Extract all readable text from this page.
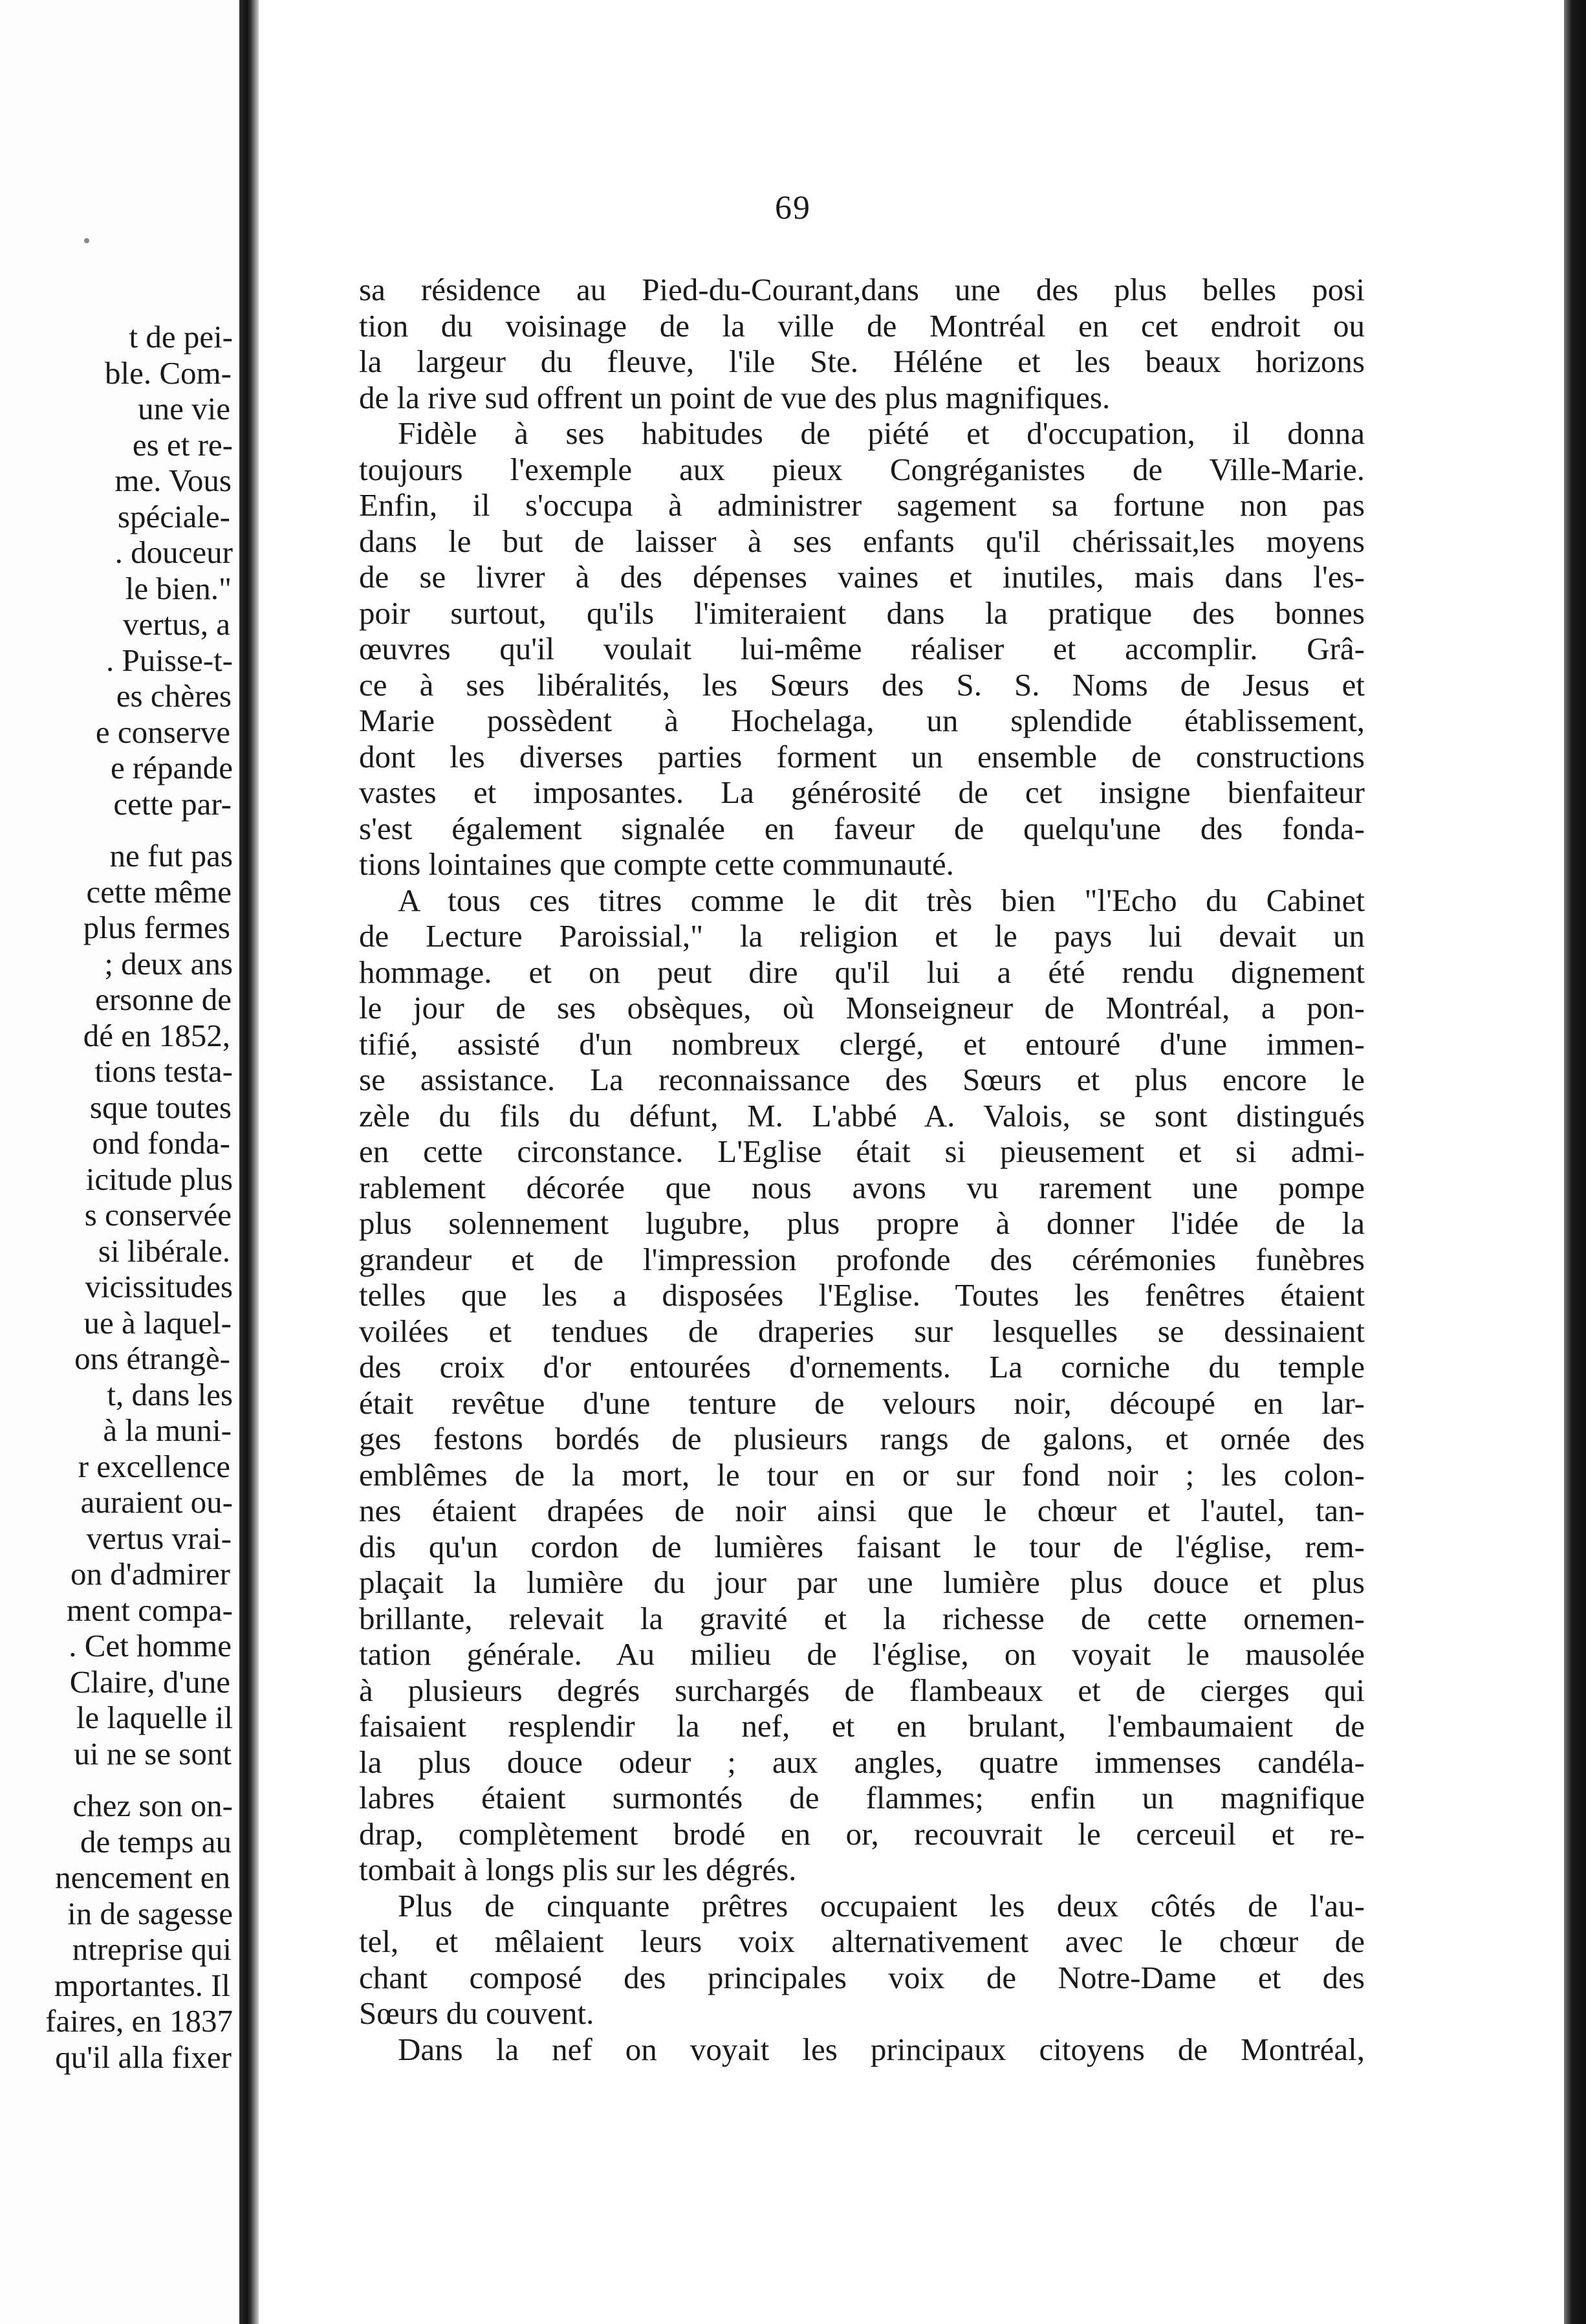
t de pei-
ble. Com-
une vie
es et re-
me. Vous
spéciale-
. douceur
le bien."
vertus, a
. Puisse-t-
es chères
e conserve
e répande
cette par-
ne fut pas
cette même
plus fermes
; deux ans
ersonne de
dé en 1852,
tions testa-
sque toutes
ond fonda-
icitude plus
s conservée
si libérale.
vicissitudes
ue à laquel-
ons étrangè-
t, dans les
à la muni-
r excellence
auraient ou-
vertus vrai-
on d'admirer
ment compa-
. Cet homme
Claire, d'une
le laquelle il
ui ne se sont
chez son on-
de temps au
nencement en
in de sagesse
ntreprise qui
mportantes. Il
faires, en 1837
qu'il alla fixer
69
sa résidence au Pied-du-Courant,dans une des plus belles posi
tion du voisinage de la ville de Montréal en cet endroit ou
la largeur du fleuve, l'ile Ste. Héléne et les beaux horizons
de la rive sud offrent un point de vue des plus magnifiques.
Fidèle à ses habitudes de piété et d'occupation, il donna
toujours l'exemple aux pieux Congréganistes de Ville-Marie.
Enfin, il s'occupa à administrer sagement sa fortune non pas
dans le but de laisser à ses enfants qu'il chérissait,les moyens
de se livrer à des dépenses vaines et inutiles, mais dans l'es-
poir surtout, qu'ils l'imiteraient dans la pratique des bonnes
œuvres qu'il voulait lui-même réaliser et accomplir. Grâ-
ce à ses libéralités, les Sœurs des S. S. Noms de Jesus et
Marie possèdent à Hochelaga, un splendide établissement,
dont les diverses parties forment un ensemble de constructions
vastes et imposantes. La générosité de cet insigne bienfaiteur
s'est également signalée en faveur de quelqu'une des fonda-
tions lointaines que compte cette communauté.
A tous ces titres comme le dit très bien "l'Echo du Cabinet
de Lecture Paroissial," la religion et le pays lui devait un
hommage. et on peut dire qu'il lui a été rendu dignement
le jour de ses obsèques, où Monseigneur de Montréal, a pon-
tifié, assisté d'un nombreux clergé, et entouré d'une immen-
se assistance. La reconnaissance des Sœurs et plus encore le
zèle du fils du défunt, M. L'abbé A. Valois, se sont distingués
en cette circonstance. L'Eglise était si pieusement et si admi-
rablement décorée que nous avons vu rarement une pompe
plus solennement lugubre, plus propre à donner l'idée de la
grandeur et de l'impression profonde des cérémonies funèbres
telles que les a disposées l'Eglise. Toutes les fenêtres étaient
voilées et tendues de draperies sur lesquelles se dessinaient
des croix d'or entourées d'ornements. La corniche du temple
était revêtue d'une tenture de velours noir, découpé en lar-
ges festons bordés de plusieurs rangs de galons, et ornée des
emblêmes de la mort, le tour en or sur fond noir ; les colon-
nes étaient drapées de noir ainsi que le chœur et l'autel, tan-
dis qu'un cordon de lumières faisant le tour de l'église, rem-
plaçait la lumière du jour par une lumière plus douce et plus
brillante, relevait la gravité et la richesse de cette ornemen-
tation générale. Au milieu de l'église, on voyait le mausolée
à plusieurs degrés surchargés de flambeaux et de cierges qui
faisaient resplendir la nef, et en brulant, l'embaumaient de
la plus douce odeur ; aux angles, quatre immenses candéla-
labres étaient surmontés de flammes; enfin un magnifique
drap, complètement brodé en or, recouvrait le cerceuil et re-
tombait à longs plis sur les dégrés.
Plus de cinquante prêtres occupaient les deux côtés de l'au-
tel, et mêlaient leurs voix alternativement avec le chœur de
chant composé des principales voix de Notre-Dame et des
Sœurs du couvent.
Dans la nef on voyait les principaux citoyens de Montréal,
